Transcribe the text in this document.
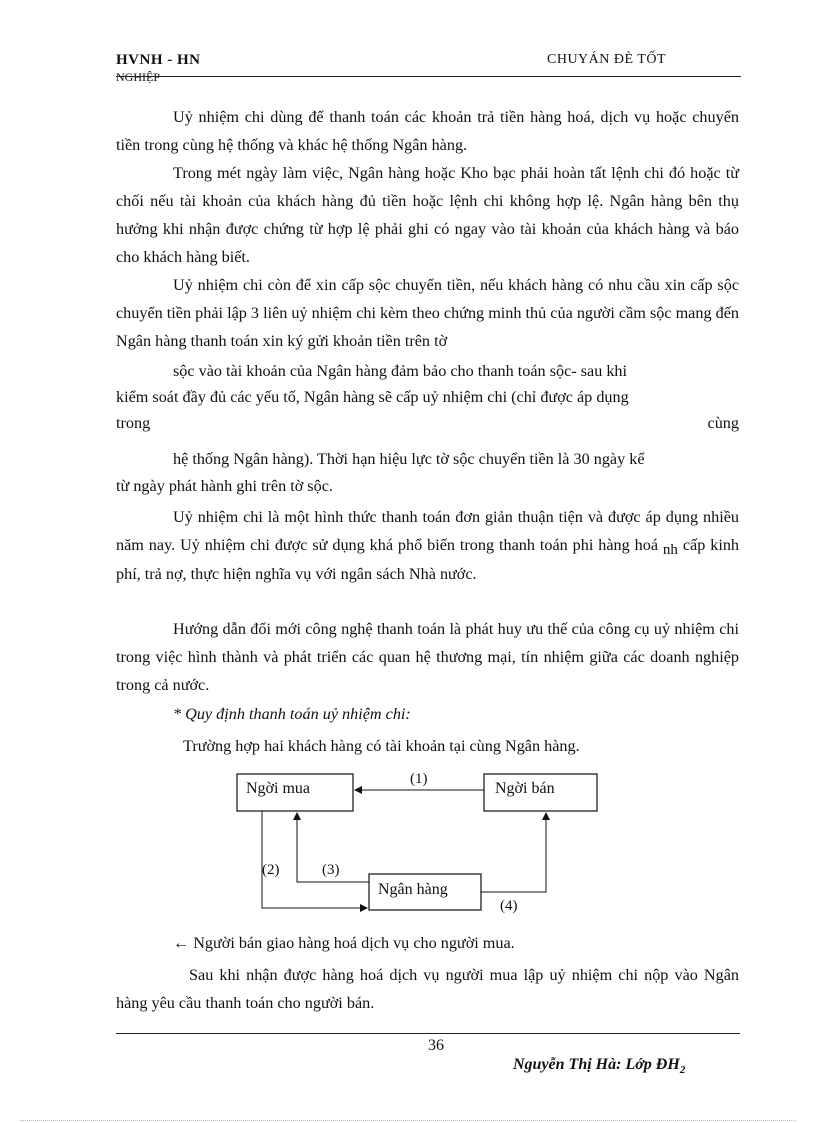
HVNH - HN
NGHIỆP
CHUYÁN ĐÈ TỐT
Uỷ nhiệm chi dùng để thanh toán các khoản trả tiền hàng hoá, dịch vụ hoặc chuyển tiền trong cùng hệ thống và khác hệ thống Ngân hàng.
Trong mét ngày làm việc, Ngân hàng hoặc Kho bạc phải hoàn tất lệnh chi đó hoặc từ chối nếu tài khoản của khách hàng đủ tiền hoặc lệnh chi không hợp lệ. Ngân hàng bên thụ hưởng khi nhận được chứng từ hợp lệ phải ghi có ngay vào tài khoản của khách hàng và báo cho khách hàng biết.
Uỷ nhiệm chi còn để xin cấp sộc chuyển tiền, nếu khách hàng có nhu cầu xin cấp sộc chuyển tiền phải lập 3 liên uỷ nhiệm chi kèm theo chứng minh thủ của người cầm sộc mang đến Ngân hàng thanh toán xin ký gửi khoản tiền trên tờ
sộc vào tài khoản của Ngân hàng đảm bảo cho thanh toán sộc- sau khi
kiểm soát đầy đủ các yếu tố, Ngân hàng sẽ cấp uỷ nhiệm chi (chỉ được áp dụng
trong	cùng
hệ thống Ngân hàng). Thời hạn hiệu lực tờ sộc chuyển tiền là 30 ngày kể
từ ngày phát hành ghi trên tờ sộc.
Uỷ nhiệm chi là một hình thức thanh toán đơn giản thuận tiện và được áp dụng nhiều năm nay. Uỷ nhiệm chi được sử dụng khá phổ biến trong thanh toán phi hàng hoá nh cấp kinh phí, trả nợ, thực hiện nghĩa vụ với ngân sách Nhà nước.
Hướng dẫn đổi mới công nghệ thanh toán là phát huy ưu thế của công cụ uỷ nhiệm chi trong việc hình thành và phát triển các quan hệ thương mại, tín nhiệm giữa các doanh nghiệp trong cả nước.
* Quy định thanh toán uỷ nhiệm chi:
Trường hợp hai khách hàng có tài khoản tại cùng Ngân hàng.
Ngời mua	Ngời bán
Ngân hàng
(1)
(2)	(3)
(4)
← Người bán giao hàng hoá dịch vụ cho người mua.
Sau khi nhận được hàng hoá dịch vụ người mua lập uỷ nhiệm chi nộp vào Ngân hàng yêu cầu thanh toán cho người bán.
36
Nguyễn Thị Hà: Lớp $ĐH_2$
